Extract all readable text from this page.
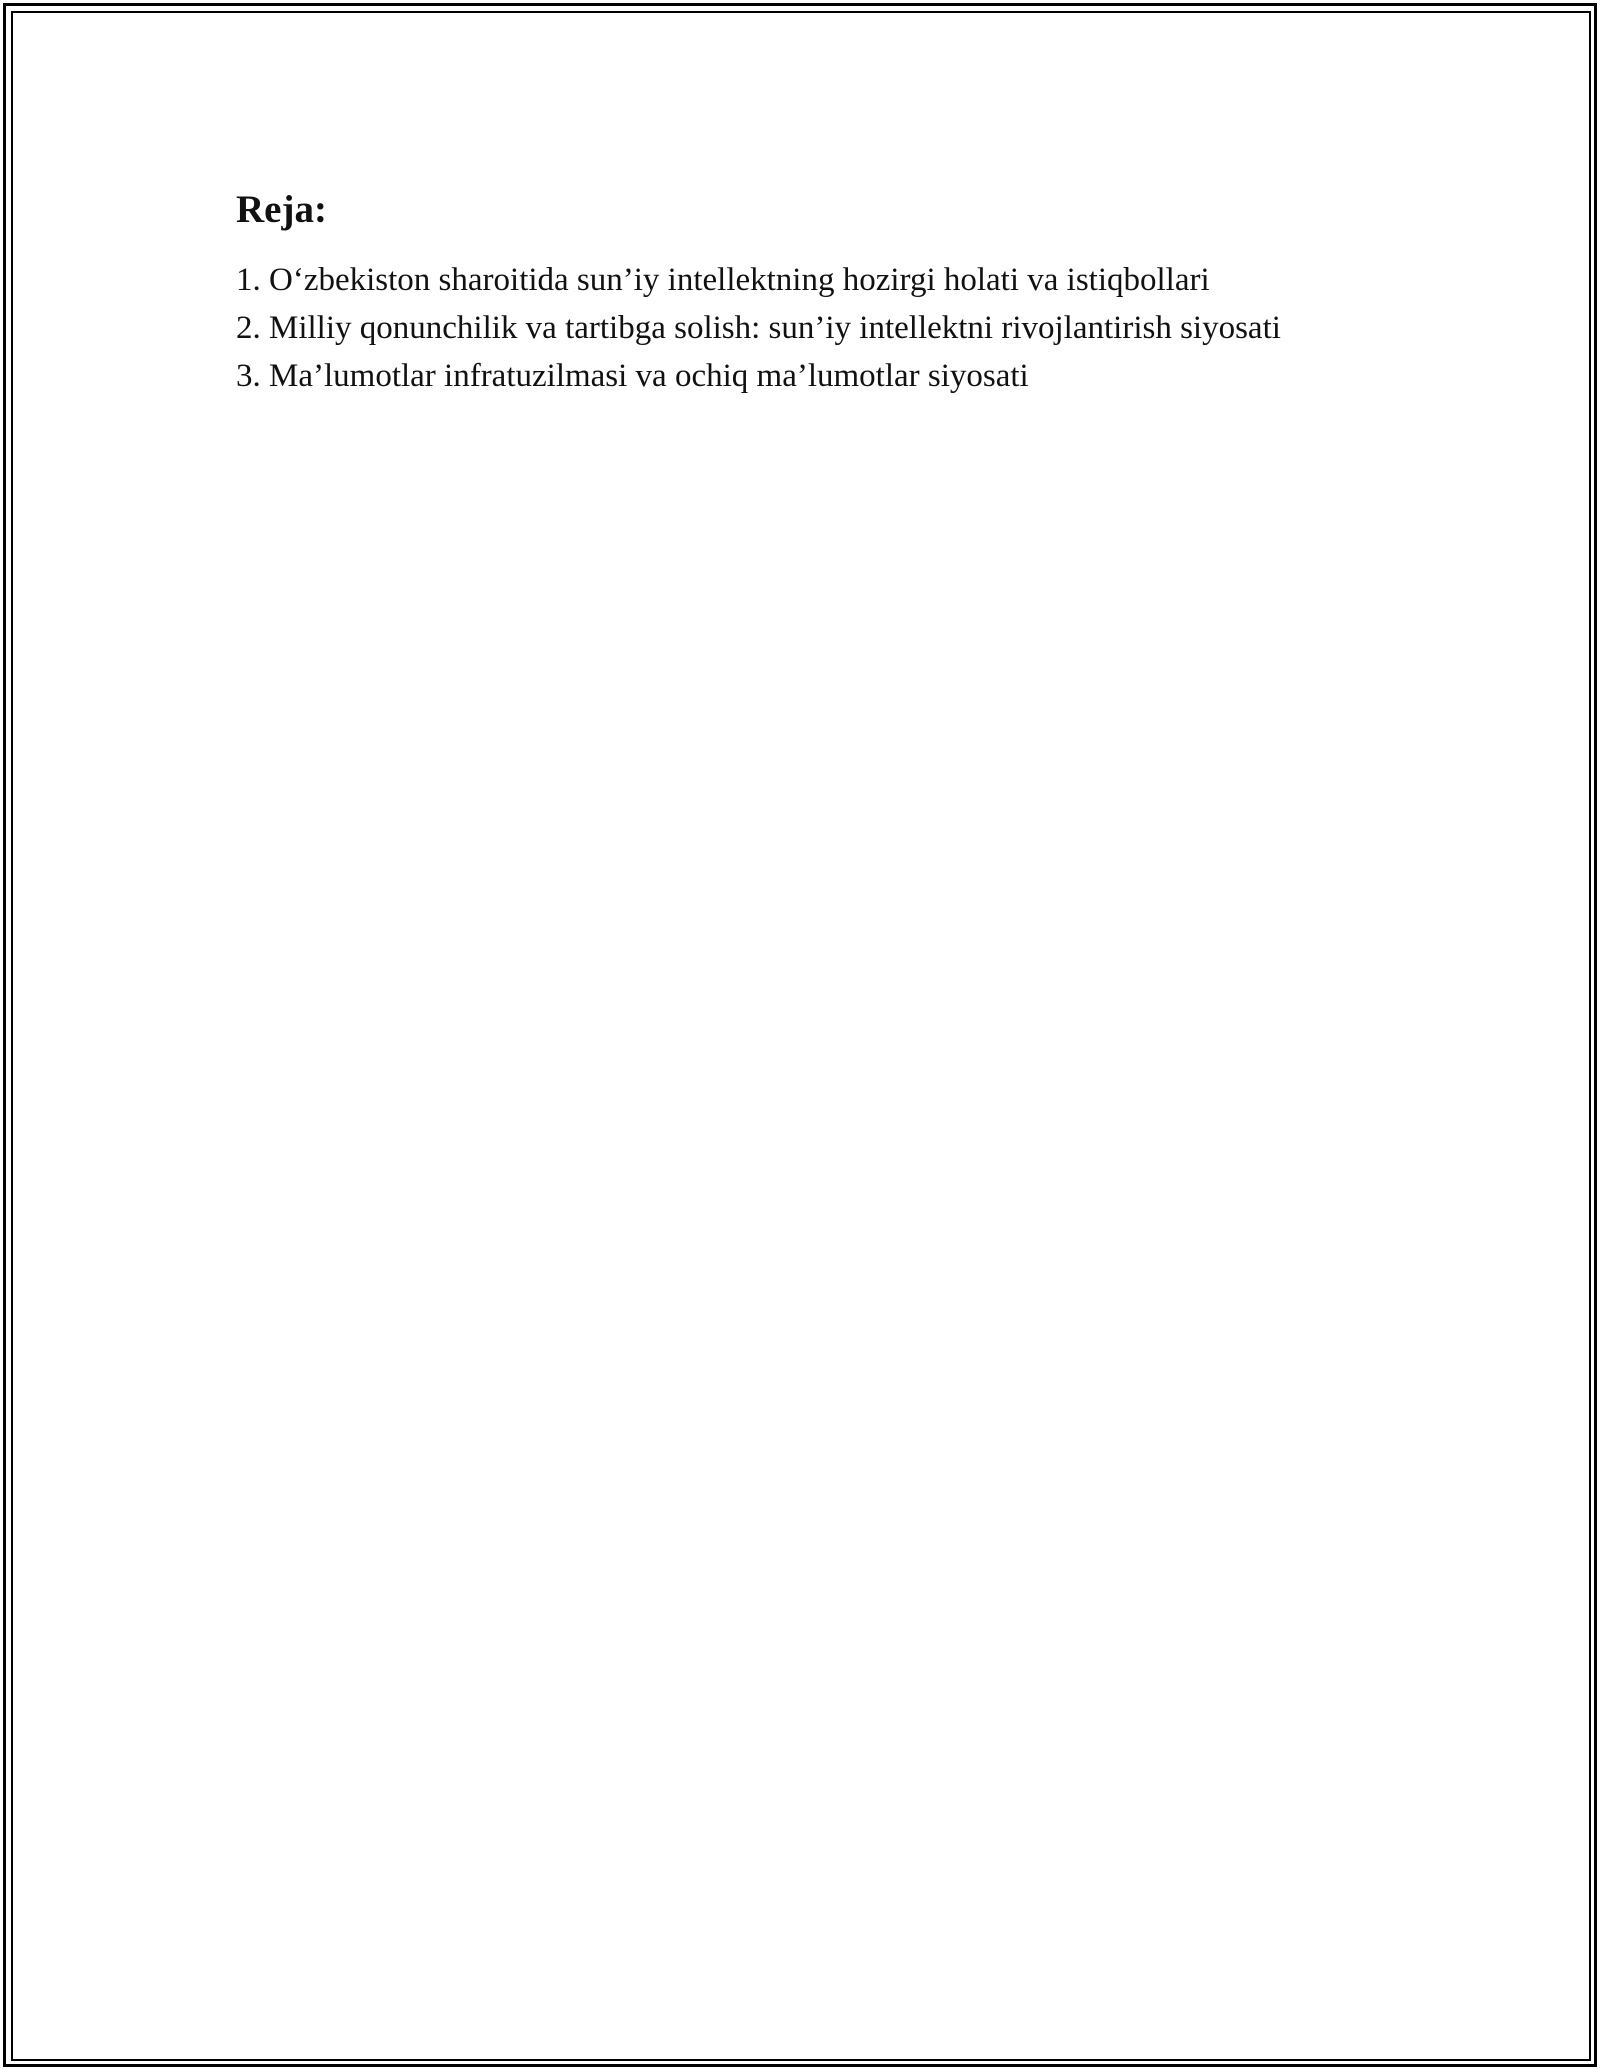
Reja:
1. O‘zbekiston sharoitida sun’iy intellektning hozirgi holati va istiqbollari
2. Milliy qonunchilik va tartibga solish: sun’iy intellektni rivojlantirish siyosati
3. Ma’lumotlar infratuzilmasi va ochiq ma’lumotlar siyosati
